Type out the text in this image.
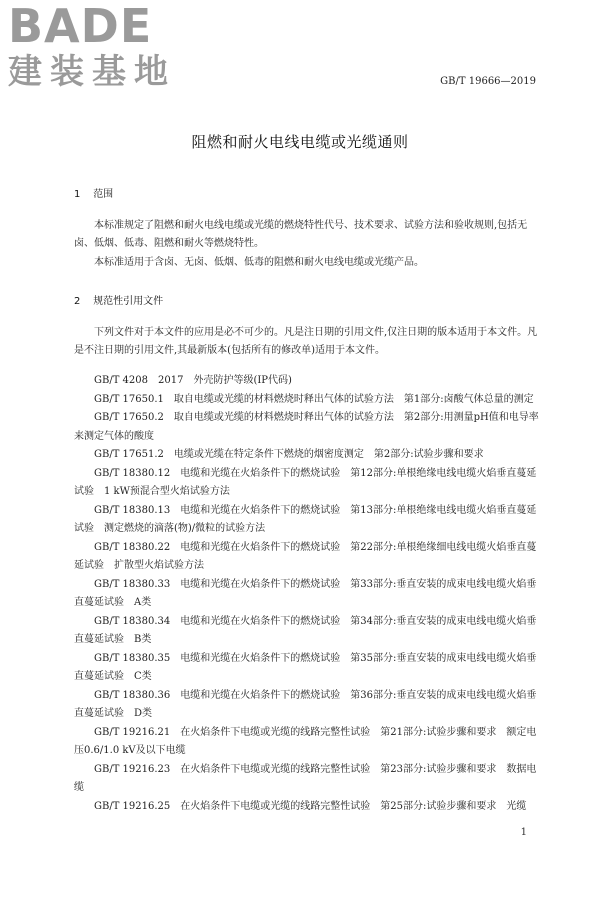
BADE
建装基地	GB/T 19666—2019
阻燃和耐火电线电缆或光缆通则
1 范围
本标准规定了阻燃和耐火电线电缆或光缆的燃烧特性代号、技术要求、试验方法和验收规则,包括无卤、低烟、低毒、阻燃和耐火等燃烧特性。
本标准适用于含卤、无卤、低烟、低毒的阻燃和耐火电线电缆或光缆产品。
2 规范性引用文件
下列文件对于本文件的应用是必不可少的。凡是注日期的引用文件,仅注日期的版本适用于本文件。凡是不注日期的引用文件,其最新版本(包括所有的修改单)适用于本文件。
GB/T 4208　2017　外壳防护等级(IP代码)
GB/T 17650.1　取自电缆或光缆的材料燃烧时释出气体的试验方法　第1部分:卤酸气体总量的测定
GB/T 17650.2　取自电缆或光缆的材料燃烧时释出气体的试验方法　第2部分:用测量pH值和电导率来测定气体的酸度
GB/T 17651.2　电缆或光缆在特定条件下燃烧的烟密度测定　第2部分:试验步骤和要求
GB/T 18380.12　电缆和光缆在火焰条件下的燃烧试验　第12部分:单根绝缘电线电缆火焰垂直蔓延试验　1 kW预混合型火焰试验方法
GB/T 18380.13　电缆和光缆在火焰条件下的燃烧试验　第13部分:单根绝缘电线电缆火焰垂直蔓延试验　测定燃烧的滴落(物)/微粒的试验方法
GB/T 18380.22　电缆和光缆在火焰条件下的燃烧试验　第22部分:单根绝缘细电线电缆火焰垂直蔓延试验　扩散型火焰试验方法
GB/T 18380.33　电缆和光缆在火焰条件下的燃烧试验　第33部分:垂直安装的成束电线电缆火焰垂直蔓延试验　A类
GB/T 18380.34　电缆和光缆在火焰条件下的燃烧试验　第34部分:垂直安装的成束电线电缆火焰垂直蔓延试验　B类
GB/T 18380.35　电缆和光缆在火焰条件下的燃烧试验　第35部分:垂直安装的成束电线电缆火焰垂直蔓延试验　C类
GB/T 18380.36　电缆和光缆在火焰条件下的燃烧试验　第36部分:垂直安装的成束电线电缆火焰垂直蔓延试验　D类
GB/T 19216.21　在火焰条件下电缆或光缆的线路完整性试验　第21部分:试验步骤和要求　额定电压0.6/1.0 kV及以下电缆
GB/T 19216.23　在火焰条件下电缆或光缆的线路完整性试验　第23部分:试验步骤和要求　数据电缆
GB/T 19216.25　在火焰条件下电缆或光缆的线路完整性试验　第25部分:试验步骤和要求　光缆
1
